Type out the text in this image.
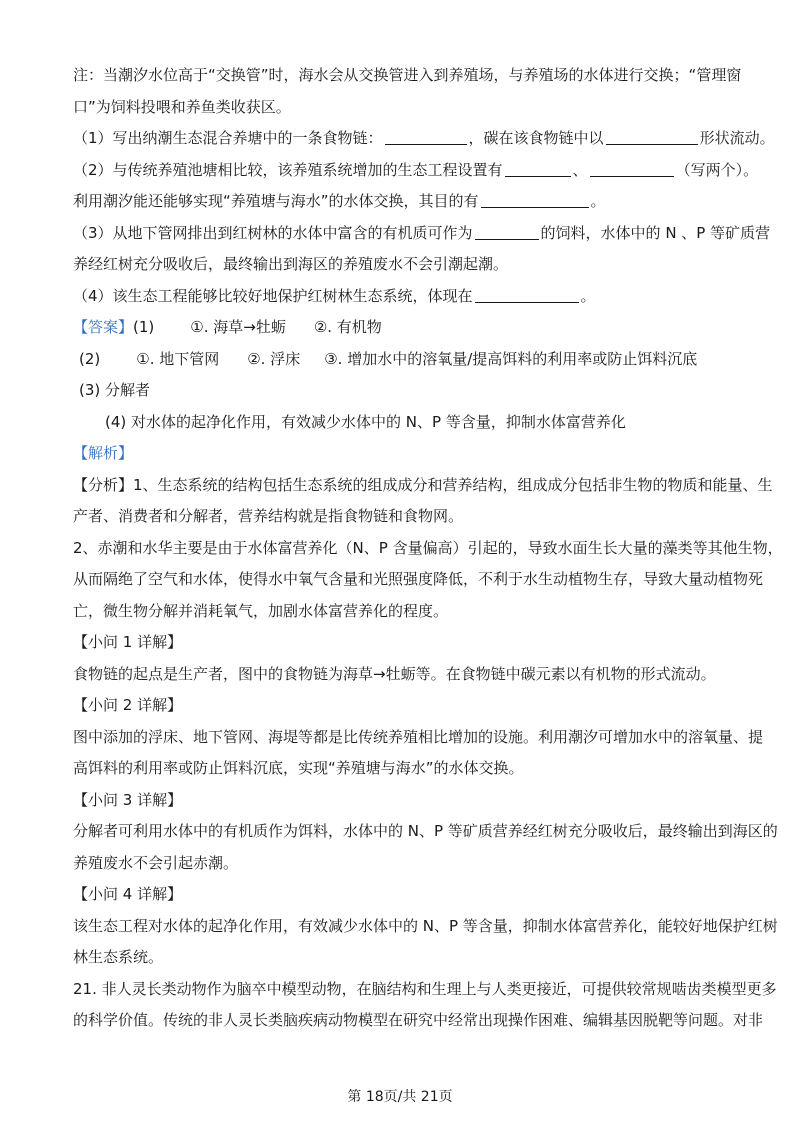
注：当潮汐水位高于“交换管”时，海水会从交换管进入到养殖场，与养殖场的水体进行交换；“管理窗
口”为饲料投喂和养鱼类收获区。
（1）写出纳潮生态混合养塘中的一条食物链：	，碳在该食物链中以	形状流动。
（2）与传统养殖池塘相比较，该养殖系统增加的生态工程设置有	、	（写两个）。
利用潮汐能还能够实现“养殖塘与海水”的水体交换，其目的有	。
（3）从地下管网排出到红树林的水体中富含的有机质可作为	的饲料，水体中的 N 、P 等矿质营
养经红树充分吸收后，最终输出到海区的养殖废水不会引潮起潮。
（4）该生态工程能够比较好地保护红树林生态系统，体现在	。
【答案】(1) ①. 海草→牡蛎 ②. 有机物
(2) ①. 地下管网 ②. 浮床 ③. 增加水中的溶氧量/提高饵料的利用率或防止饵料沉底
(3) 分解者
(4) 对水体的起净化作用，有效减少水体中的 N、P 等含量，抑制水体富营养化
【解析】
【分析】1、生态系统的结构包括生态系统的组成成分和营养结构，组成成分包括非生物的物质和能量、生
产者、消费者和分解者，营养结构就是指食物链和食物网。
2、赤潮和水华主要是由于水体富营养化（N、P 含量偏高）引起的，导致水面生长大量的藻类等其他生物，
从而隔绝了空气和水体，使得水中氧气含量和光照强度降低，不利于水生动植物生存，导致大量动植物死
亡，微生物分解并消耗氧气，加剧水体富营养化的程度。
【小问 1 详解】
食物链的起点是生产者，图中的食物链为海草→牡蛎等。在食物链中碳元素以有机物的形式流动。
【小问 2 详解】
图中添加的浮床、地下管网、海堤等都是比传统养殖相比增加的设施。利用潮汐可增加水中的溶氧量、提
高饵料的利用率或防止饵料沉底，实现“养殖塘与海水”的水体交换。
【小问 3 详解】
分解者可利用水体中的有机质作为饵料，水体中的 N、P 等矿质营养经红树充分吸收后，最终输出到海区的
养殖废水不会引起赤潮。
【小问 4 详解】
该生态工程对水体的起净化作用，有效减少水体中的 N、P 等含量，抑制水体富营养化，能较好地保护红树
林生态系统。
21. 非人灵长类动物作为脑卒中模型动物，在脑结构和生理上与人类更接近，可提供较常规啮齿类模型更多
的科学价值。传统的非人灵长类脑疾病动物模型在研究中经常出现操作困难、编辑基因脱靶等问题。对非
第 18页/共 21页
